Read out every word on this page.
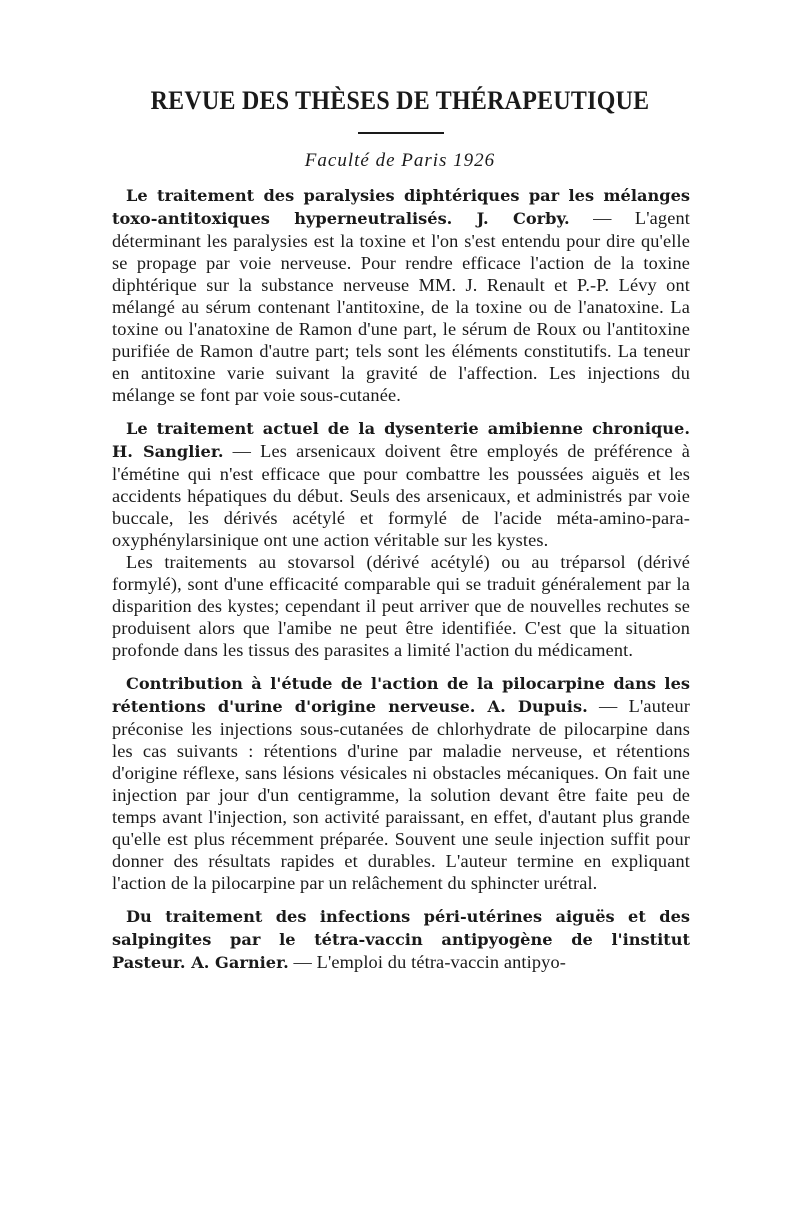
REVUE DES THÈSES DE THÉRAPEUTIQUE
Faculté de Paris 1926

Le traitement des paralysies diphtériques par les mélanges toxo-antitoxiques hyperneutralisés. J. Corby. — L'agent déterminant les paralysies est la toxine et l'on s'est entendu pour dire qu'elle se propage par voie nerveuse. Pour rendre efficace l'action de la toxine diphtérique sur la substance nerveuse MM. J. Renault et P.-P. Lévy ont mélangé au sérum contenant l'antitoxine, de la toxine ou de l'anatoxine. La toxine ou l'anatoxine de Ramon d'une part, le sérum de Roux ou l'antitoxine purifiée de Ramon d'autre part; tels sont les éléments constitutifs. La teneur en antitoxine varie suivant la gravité de l'affection. Les injections du mélange se font par voie sous-cutanée.

Le traitement actuel de la dysenterie amibienne chronique. H. Sanglier. — Les arsenicaux doivent être employés de préférence à l'émétine qui n'est efficace que pour combattre les poussées aiguës et les accidents hépatiques du début. Seuls des arsenicaux, et administrés par voie buccale, les dérivés acétylé et formylé de l'acide méta-amino-para-oxyphénylarsinique ont une action véritable sur les kystes.

Les traitements au stovarsol (dérivé acétylé) ou au tréparsol (dérivé formylé), sont d'une efficacité comparable qui se traduit généralement par la disparition des kystes; cependant il peut arriver que de nouvelles rechutes se produisent alors que l'amibe ne peut être identifiée. C'est que la situation profonde dans les tissus des parasites a limité l'action du médicament.

Contribution à l'étude de l'action de la pilocarpine dans les rétentions d'urine d'origine nerveuse. A. Dupuis. — L'auteur préconise les injections sous-cutanées de chlorhydrate de pilocarpine dans les cas suivants : rétentions d'urine par maladie nerveuse, et rétentions d'origine réflexe, sans lésions vésicales ni obstacles mécaniques. On fait une injection par jour d'un centigramme, la solution devant être faite peu de temps avant l'injection, son activité paraissant, en effet, d'autant plus grande qu'elle est plus récemment préparée. Souvent une seule injection suffit pour donner des résultats rapides et durables. L'auteur termine en expliquant l'action de la pilocarpine par un relâchement du sphincter urétral.

Du traitement des infections péri-utérines aiguës et des salpingites par le tétra-vaccin antipyogène de l'institut Pasteur. A. Garnier. — L'emploi du tétra-vaccin antipyo-
